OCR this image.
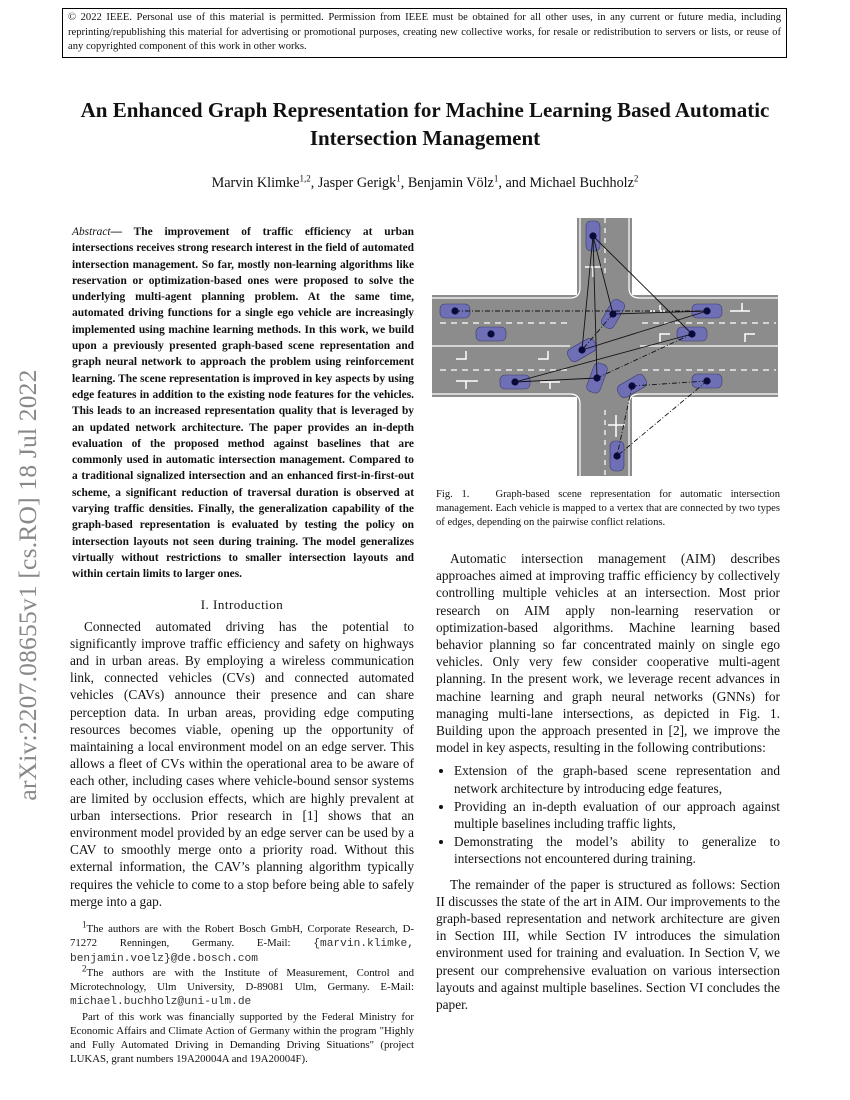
© 2022 IEEE. Personal use of this material is permitted. Permission from IEEE must be obtained for all other uses, in any current or future media, including reprinting/republishing this material for advertising or promotional purposes, creating new collective works, for resale or redistribution to servers or lists, or reuse of any copyrighted component of this work in other works.
arXiv:2207.08655v1 [cs.RO] 18 Jul 2022
An Enhanced Graph Representation for Machine Learning Based Automatic Intersection Management
Marvin Klimke$^{1,2}$, Jasper Gerigk$^1$, Benjamin Völz$^1$, and Michael Buchholz$^2$
Abstract— The improvement of traffic efficiency at urban intersections receives strong research interest in the field of automated intersection management. So far, mostly non-learning algorithms like reservation or optimization-based ones were proposed to solve the underlying multi-agent planning problem. At the same time, automated driving functions for a single ego vehicle are increasingly implemented using machine learning methods. In this work, we build upon a previously presented graph-based scene representation and graph neural network to approach the problem using reinforcement learning. The scene representation is improved in key aspects by using edge features in addition to the existing node features for the vehicles. This leads to an increased representation quality that is leveraged by an updated network architecture. The paper provides an in-depth evaluation of the proposed method against baselines that are commonly used in automatic intersection management. Compared to a traditional signalized intersection and an enhanced first-in-first-out scheme, a significant reduction of traversal duration is observed at varying traffic densities. Finally, the generalization capability of the graph-based representation is evaluated by testing the policy on intersection layouts not seen during training. The model generalizes virtually without restrictions to smaller intersection layouts and within certain limits to larger ones.
I. Introduction
Connected automated driving has the potential to significantly improve traffic efficiency and safety on highways and in urban areas. By employing a wireless communication link, connected vehicles (CVs) and connected automated vehicles (CAVs) announce their presence and can share perception data. In urban areas, providing edge computing resources becomes viable, opening up the opportunity of maintaining a local environment model on an edge server. This allows a fleet of CVs within the operational area to be aware of each other, including cases where vehicle-bound sensor systems are limited by occlusion effects, which are highly prevalent at urban intersections. Prior research in [1] shows that an environment model provided by an edge server can be used by a CAV to smoothly merge onto a priority road. Without this external information, the CAV’s planning algorithm typically requires the vehicle to come to a stop before being able to safely merge into a gap.

$^1$The authors are with the Robert Bosch GmbH, Corporate Research, D-71272 Renningen, Germany. E-Mail: {marvin.klimke, benjamin.voelz}@de.bosch.com

$^2$The authors are with the Institute of Measurement, Control and Microtechnology, Ulm University, D-89081 Ulm, Germany. E-Mail: michael.buchholz@uni-ulm.de

Part of this work was financially supported by the Federal Ministry for Economic Affairs and Climate Action of Germany within the program "Highly and Fully Automated Driving in Demanding Driving Situations" (project LUKAS, grant numbers 19A20004A and 19A20004F).

Fig. 1. Graph-based scene representation for automatic intersection management. Each vehicle is mapped to a vertex that are connected by two types of edges, depending on the pairwise conflict relations.

Automatic intersection management (AIM) describes approaches aimed at improving traffic efficiency by collectively controlling multiple vehicles at an intersection. Most prior research on AIM apply non-learning reservation or optimization-based algorithms. Machine learning based behavior planning so far concentrated mainly on single ego vehicles. Only very few consider cooperative multi-agent planning. In the present work, we leverage recent advances in machine learning and graph neural networks (GNNs) for managing multi-lane intersections, as depicted in Fig. 1. Building upon the approach presented in [2], we improve the model in key aspects, resulting in the following contributions:

• Extension of the graph-based scene representation and network architecture by introducing edge features,
• Providing an in-depth evaluation of our approach against multiple baselines including traffic lights,
• Demonstrating the model’s ability to generalize to intersections not encountered during training.

The remainder of the paper is structured as follows: Section II discusses the state of the art in AIM. Our improvements to the graph-based representation and network architecture are given in Section III, while Section IV introduces the simulation environment used for training and evaluation. In Section V, we present our comprehensive evaluation on various intersection layouts and against multiple baselines. Section VI concludes the paper.
